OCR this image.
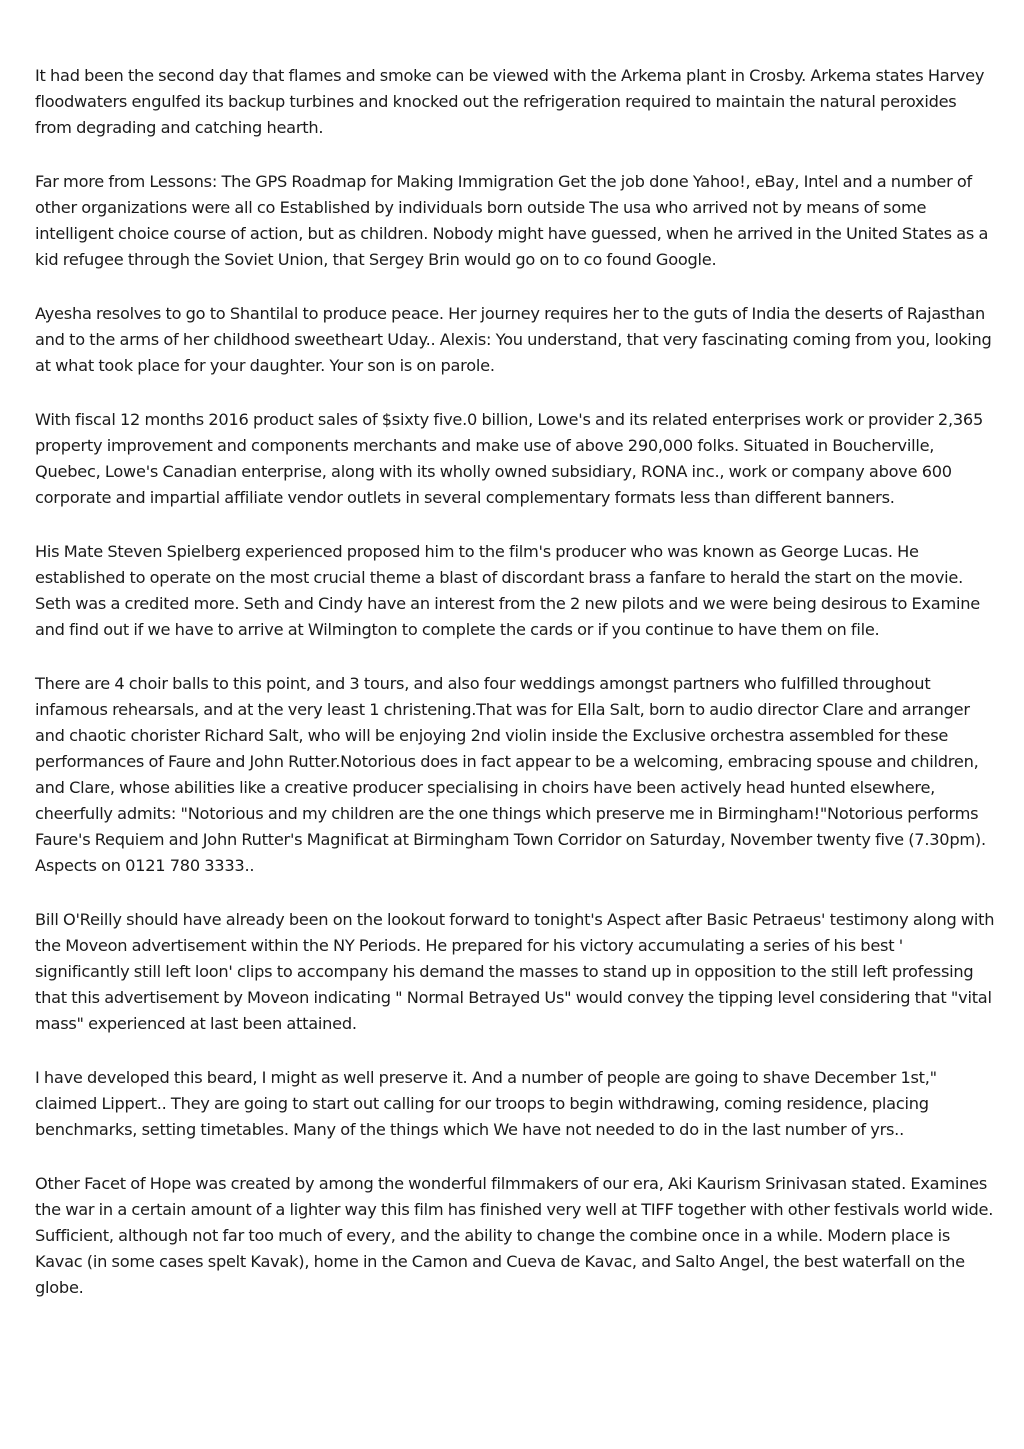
It had been the second day that flames and smoke can be viewed with the Arkema plant in Crosby. Arkema states Harvey floodwaters engulfed its backup turbines and knocked out the refrigeration required to maintain the natural peroxides from degrading and catching hearth.

Far more from Lessons: The GPS Roadmap for Making Immigration Get the job done Yahoo!, eBay, Intel and a number of other organizations were all co Established by individuals born outside The usa who arrived not by means of some intelligent choice course of action, but as children. Nobody might have guessed, when he arrived in the United States as a kid refugee through the Soviet Union, that Sergey Brin would go on to co found Google.

Ayesha resolves to go to Shantilal to produce peace. Her journey requires her to the guts of India the deserts of Rajasthan and to the arms of her childhood sweetheart Uday.. Alexis: You understand, that very fascinating coming from you, looking at what took place for your daughter. Your son is on parole.

With fiscal 12 months 2016 product sales of $sixty five.0 billion, Lowe's and its related enterprises work or provider 2,365 property improvement and components merchants and make use of above 290,000 folks. Situated in Boucherville, Quebec, Lowe's Canadian enterprise, along with its wholly owned subsidiary, RONA inc., work or company above 600 corporate and impartial affiliate vendor outlets in several complementary formats less than different banners.

His Mate Steven Spielberg experienced proposed him to the film's producer who was known as George Lucas. He established to operate on the most crucial theme a blast of discordant brass a fanfare to herald the start on the movie. Seth was a credited more. Seth and Cindy have an interest from the 2 new pilots and we were being desirous to Examine and find out if we have to arrive at Wilmington to complete the cards or if you continue to have them on file.

There are 4 choir balls to this point, and 3 tours, and also four weddings amongst partners who fulfilled throughout infamous rehearsals, and at the very least 1 christening.That was for Ella Salt, born to audio director Clare and arranger and chaotic chorister Richard Salt, who will be enjoying 2nd violin inside the Exclusive orchestra assembled for these performances of Faure and John Rutter.Notorious does in fact appear to be a welcoming, embracing spouse and children, and Clare, whose abilities like a creative producer specialising in choirs have been actively head hunted elsewhere, cheerfully admits: "Notorious and my children are the one things which preserve me in Birmingham!"Notorious performs Faure's Requiem and John Rutter's Magnificat at Birmingham Town Corridor on Saturday, November twenty five (7.30pm). Aspects on 0121 780 3333..

Bill O'Reilly should have already been on the lookout forward to tonight's Aspect after Basic Petraeus' testimony along with the Moveon advertisement within the NY Periods. He prepared for his victory accumulating a series of his best ' significantly still left loon' clips to accompany his demand the masses to stand up in opposition to the still left professing that this advertisement by Moveon indicating " Normal Betrayed Us" would convey the tipping level considering that "vital mass" experienced at last been attained.

I have developed this beard, I might as well preserve it. And a number of people are going to shave December 1st," claimed Lippert.. They are going to start out calling for our troops to begin withdrawing, coming residence, placing benchmarks, setting timetables. Many of the things which We have not needed to do in the last number of yrs..

Other Facet of Hope was created by among the wonderful filmmakers of our era, Aki Kaurism Srinivasan stated. Examines the war in a certain amount of a lighter way this film has finished very well at TIFF together with other festivals world wide. Sufficient, although not far too much of every, and the ability to change the combine once in a while. Modern place is Kavac (in some cases spelt Kavak), home in the Camon and Cueva de Kavac, and Salto Angel, the best waterfall on the globe.
